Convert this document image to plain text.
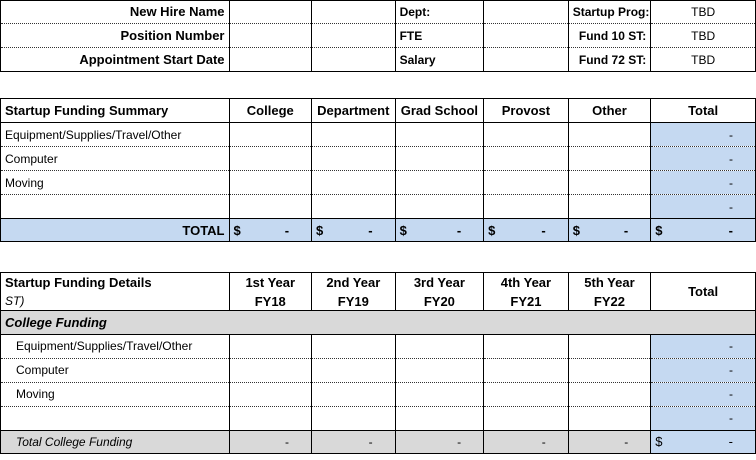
New Hire Name			Dept:		Startup Prog:	TBD
Position Number			FTE		Fund 10 ST:	TBD
Appointment Start Date			Salary		Fund 72 ST:	TBD

Startup Funding Summary	College	Department	Grad School	Provost	Other	Total
Equipment/Supplies/Travel/Other						-
Computer						-
Moving						-
						-
TOTAL	$ -	$ -	$ -	$ -	$ -	$ -

Startup Funding Details	1st Year	2nd Year	3rd Year	4th Year	5th Year	Total
ST)	FY18	FY19	FY20	FY21	FY22	
College Funding						
Equipment/Supplies/Travel/Other						-
Computer						-
Moving						-
						-
Total College Funding	-	-	-	-	-	$ -
